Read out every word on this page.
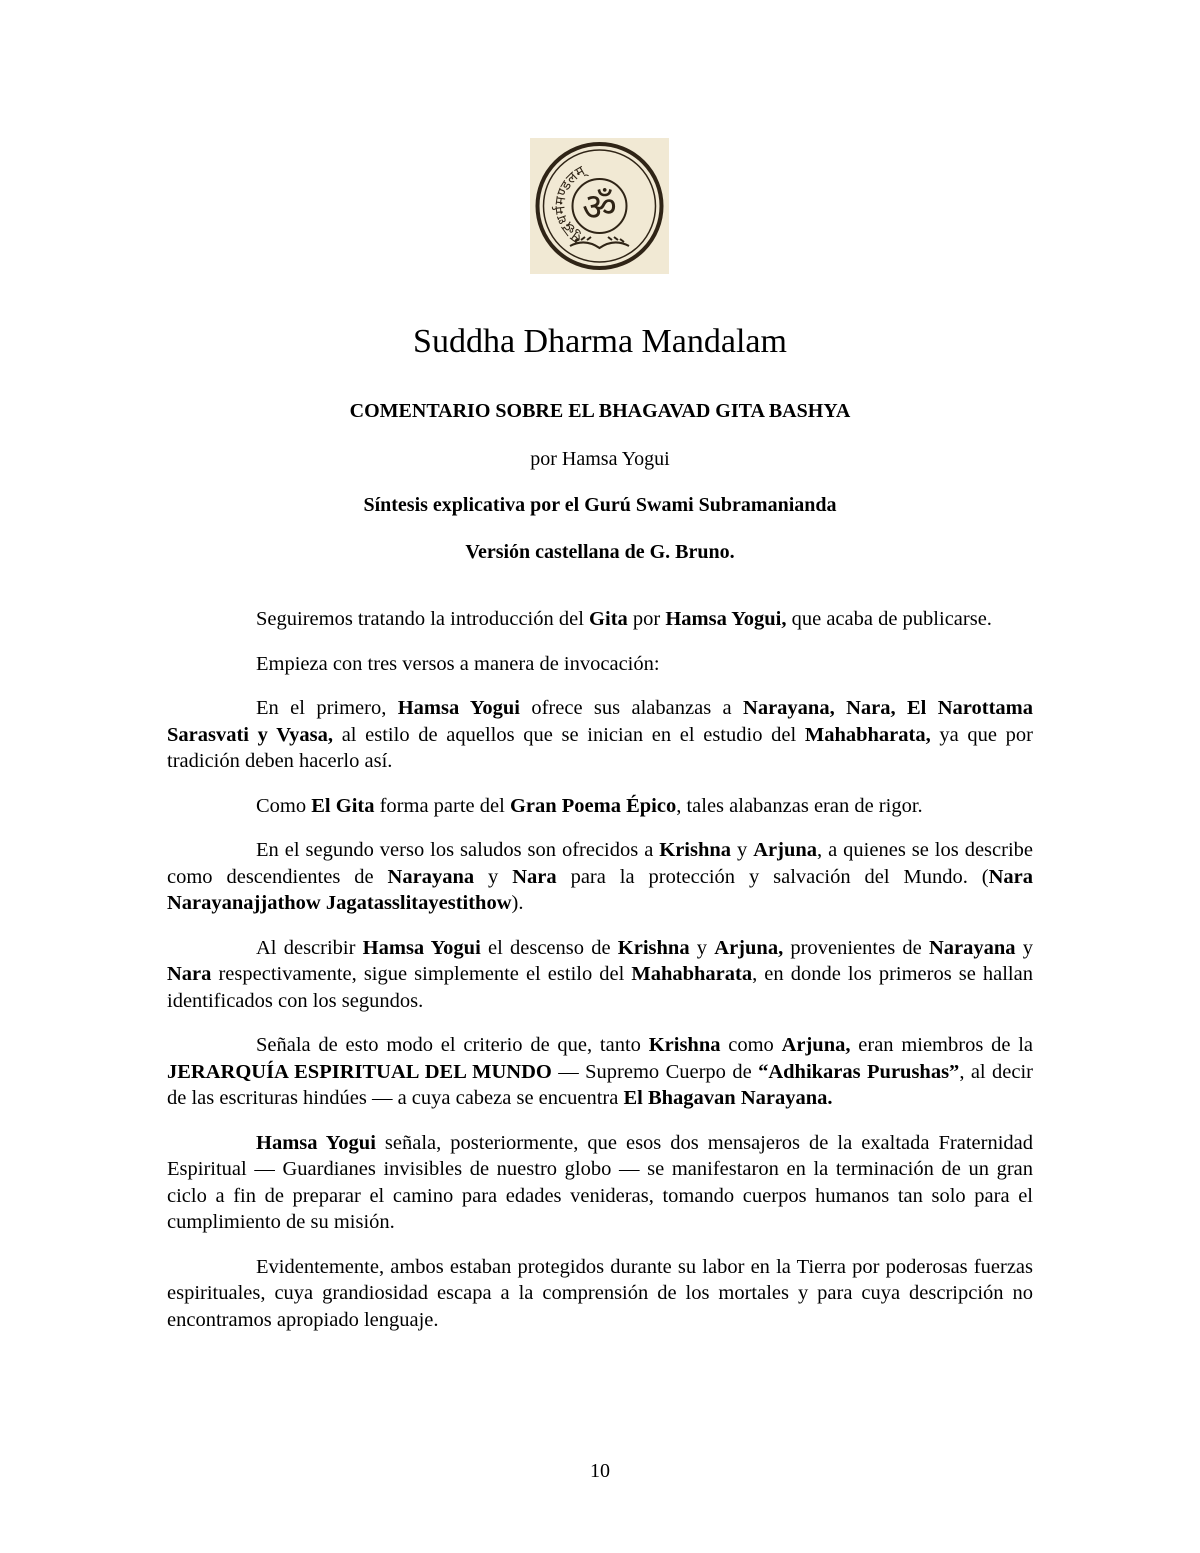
सुद्धधर्ममण्डलम्
ॐ
Suddha Dharma Mandalam
COMENTARIO SOBRE EL BHAGAVAD GITA BASHYA
por Hamsa Yogui
Síntesis explicativa por el Gurú Swami Subramanianda
Versión castellana de G. Bruno.

Seguiremos tratando la introducción del Gita por Hamsa Yogui, que acaba de publicarse.

Empieza con tres versos a manera de invocación:

En el primero, Hamsa Yogui ofrece sus alabanzas a Narayana, Nara, El Narottama Sarasvati y Vyasa, al estilo de aquellos que se inician en el estudio del Mahabharata, ya que por tradición deben hacerlo así.

Como El Gita forma parte del Gran Poema Épico, tales alabanzas eran de rigor.

En el segundo verso los saludos son ofrecidos a Krishna y Arjuna, a quienes se los describe como descendientes de Narayana y Nara para la protección y salvación del Mundo. (Nara Narayanajjathow Jagatasslitayestithow).

Al describir Hamsa Yogui el descenso de Krishna y Arjuna, provenientes de Narayana y Nara respectivamente, sigue simplemente el estilo del Mahabharata, en donde los primeros se hallan identificados con los segundos.

Señala de esto modo el criterio de que, tanto Krishna como Arjuna, eran miembros de la JERARQUÍA ESPIRITUAL DEL MUNDO — Supremo Cuerpo de “Adhikaras Purushas”, al decir de las escrituras hindúes — a cuya cabeza se encuentra El Bhagavan Narayana.

Hamsa Yogui señala, posteriormente, que esos dos mensajeros de la exaltada Fraternidad Espiritual — Guardianes invisibles de nuestro globo — se manifestaron en la terminación de un gran ciclo a fin de preparar el camino para edades venideras, tomando cuerpos humanos tan solo para el cumplimiento de su misión.

Evidentemente, ambos estaban protegidos durante su labor en la Tierra por poderosas fuerzas espirituales, cuya grandiosidad escapa a la comprensión de los mortales y para cuya descripción no encontramos apropiado lenguaje.

10
